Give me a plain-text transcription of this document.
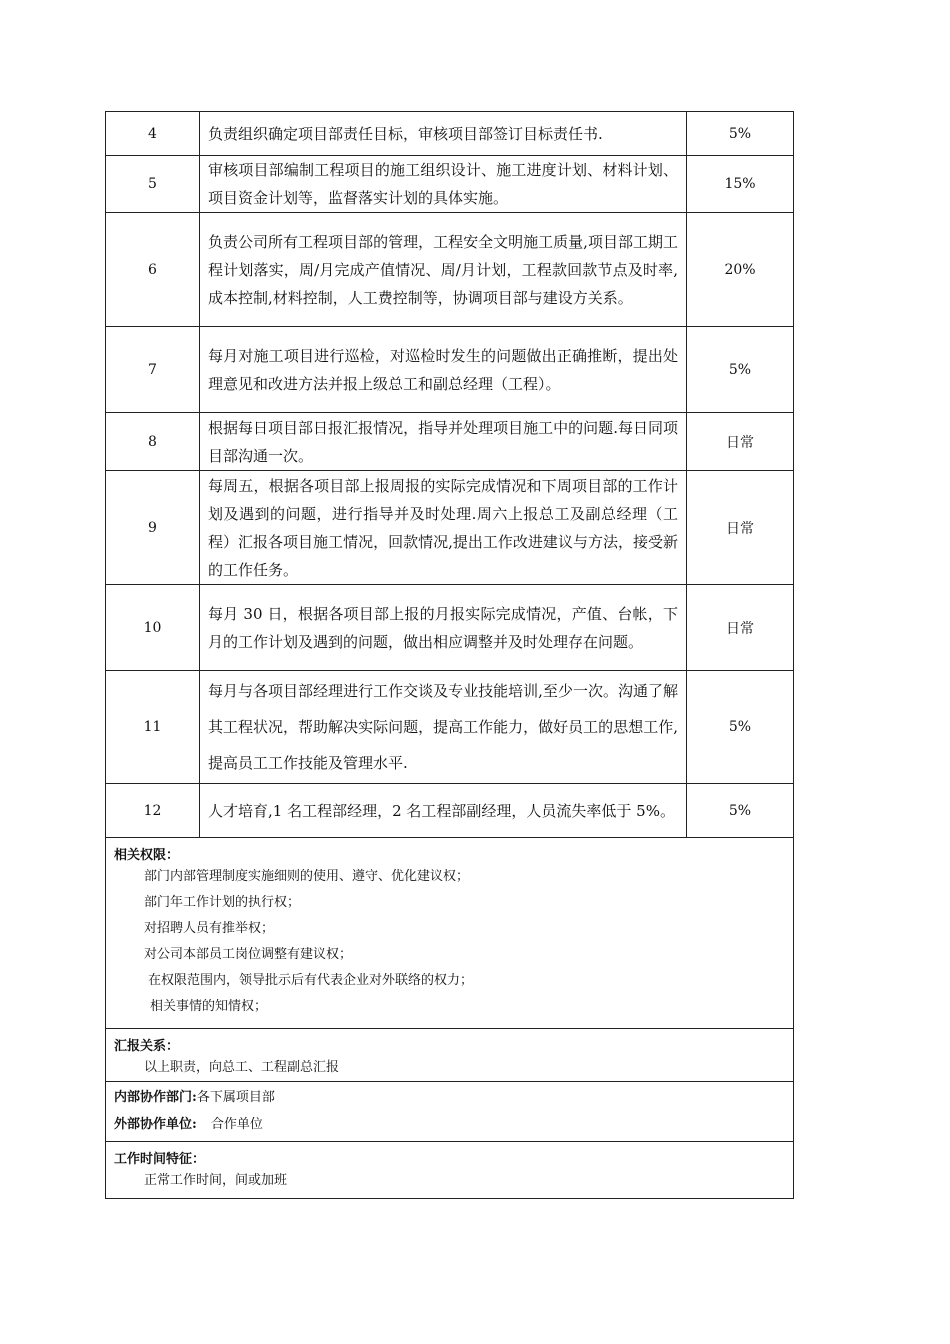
4	负责组织确定项目部责任目标，审核项目部签订目标责任书.	5%
5	审核项目部编制工程项目的施工组织设计、施工进度计划、材料计划、项目资金计划等，监督落实计划的具体实施。	15%
6	负责公司所有工程项目部的管理，工程安全文明施工质量,项目部工期工程计划落实，周/月完成产值情况、周/月计划，工程款回款节点及时率,成本控制,材料控制，人工费控制等，协调项目部与建设方关系。	20%
7	每月对施工项目进行巡检，对巡检时发生的问题做出正确推断，提出处理意见和改进方法并报上级总工和副总经理（工程）。	5%
8	根据每日项目部日报汇报情况，指导并处理项目施工中的问题.每日同项目部沟通一次。	日常
9	每周五，根据各项目部上报周报的实际完成情况和下周项目部的工作计划及遇到的问题，进行指导并及时处理.周六上报总工及副总经理（工程）汇报各项目施工情况，回款情况,提出工作改进建议与方法，接受新的工作任务。	日常
10	每月 30 日，根据各项目部上报的月报实际完成情况，产值、台帐，下月的工作计划及遇到的问题，做出相应调整并及时处理存在问题。	日常
11	每月与各项目部经理进行工作交谈及专业技能培训,至少一次。沟通了解其工程状况，帮助解决实际问题，提高工作能力，做好员工的思想工作,提高员工工作技能及管理水平.	5%
12	人才培育,1 名工程部经理，2 名工程部副经理，人员流失率低于 5%。	5%
相关权限：
部门内部管理制度实施细则的使用、遵守、优化建议权；
部门年工作计划的执行权；
对招聘人员有推举权；
对公司本部员工岗位调整有建议权；
在权限范围内，领导批示后有代表企业对外联络的权力；
相关事情的知情权；
汇报关系：
以上职责，向总工、工程副总汇报
内部协作部门:各下属项目部
外部协作单位: 合作单位
工作时间特征：
正常工作时间，间或加班
